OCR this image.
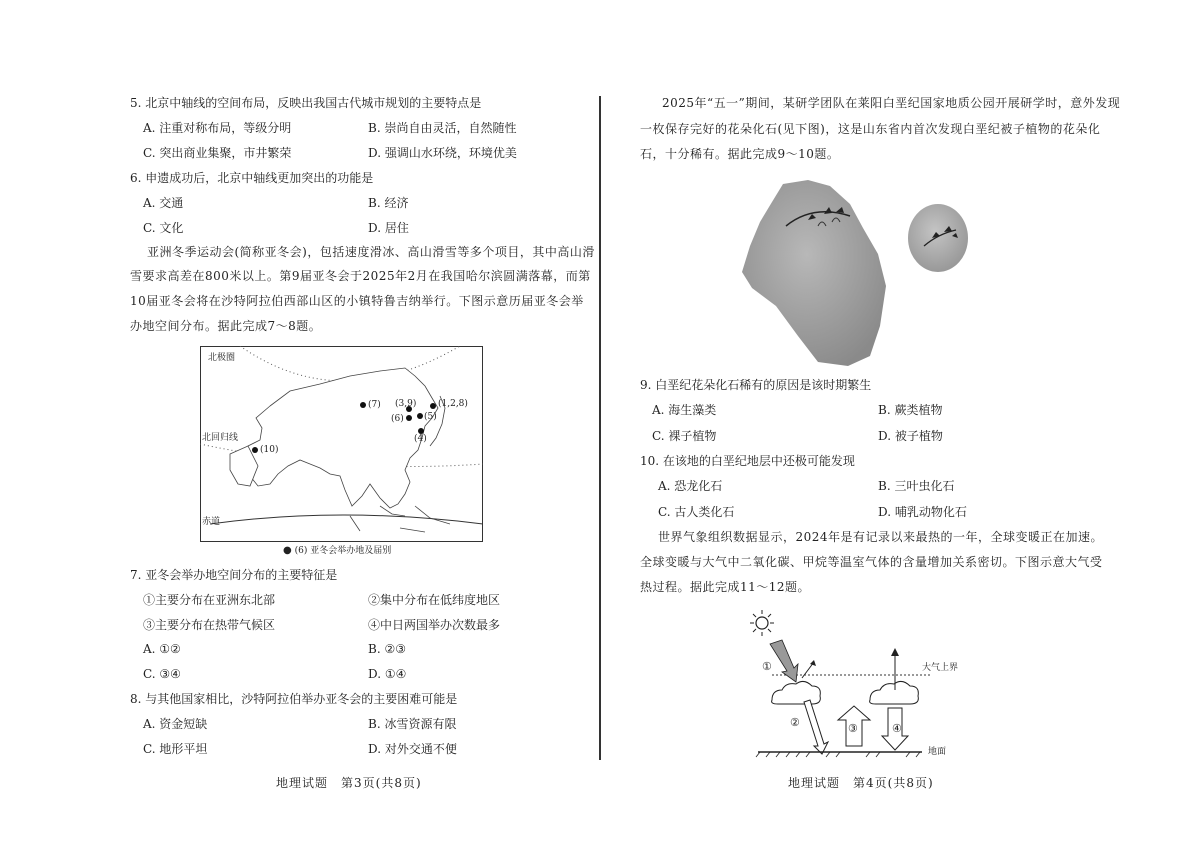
5. 北京中轴线的空间布局，反映出我国古代城市规划的主要特点是
A. 注重对称布局，等级分明	B. 崇尚自由灵活，自然随性
C. 突出商业集聚，市井繁荣	D. 强调山水环绕，环境优美
6. 申遗成功后，北京中轴线更加突出的功能是
A. 交通	B. 经济
C. 文化	D. 居住
亚洲冬季运动会(简称亚冬会)，包括速度滑冰、高山滑雪等多个项目，其中高山滑
雪要求高差在800米以上。第9届亚冬会于2025年2月在我国哈尔滨圆满落幕，而第
10届亚冬会将在沙特阿拉伯西部山区的小镇特鲁吉纳举行。下图示意历届亚冬会举
办地空间分布。据此完成7～8题。
北极圈
北回归线
赤道
(7) (3,9) (1,2,8)
(6) (5)
(4)
(10)
● (6) 亚冬会举办地及届别
7. 亚冬会举办地空间分布的主要特征是
①主要分布在亚洲东北部	②集中分布在低纬度地区
③主要分布在热带气候区	④中日两国举办次数最多
A. ①②	B. ②③
C. ③④	D. ①④
8. 与其他国家相比，沙特阿拉伯举办亚冬会的主要困难可能是
A. 资金短缺	B. 冰雪资源有限
C. 地形平坦	D. 对外交通不便
地理试题　第3页(共8页)
2025年“五一”期间，某研学团队在莱阳白垩纪国家地质公园开展研学时，意外发现
一枚保存完好的花朵化石(见下图)，这是山东省内首次发现白垩纪被子植物的花朵化
石，十分稀有。据此完成9～10题。
9. 白垩纪花朵化石稀有的原因是该时期繁生
A. 海生藻类	B. 蕨类植物
C. 裸子植物	D. 被子植物
10. 在该地的白垩纪地层中还极可能发现
A. 恐龙化石	B. 三叶虫化石
C. 古人类化石	D. 哺乳动物化石
世界气象组织数据显示，2024年是有记录以来最热的一年，全球变暖正在加速。
全球变暖与大气中二氧化碳、甲烷等温室气体的含量增加关系密切。下图示意大气受
热过程。据此完成11～12题。
①
②	③	④
大气上界
地面
地理试题　第4页(共8页)
